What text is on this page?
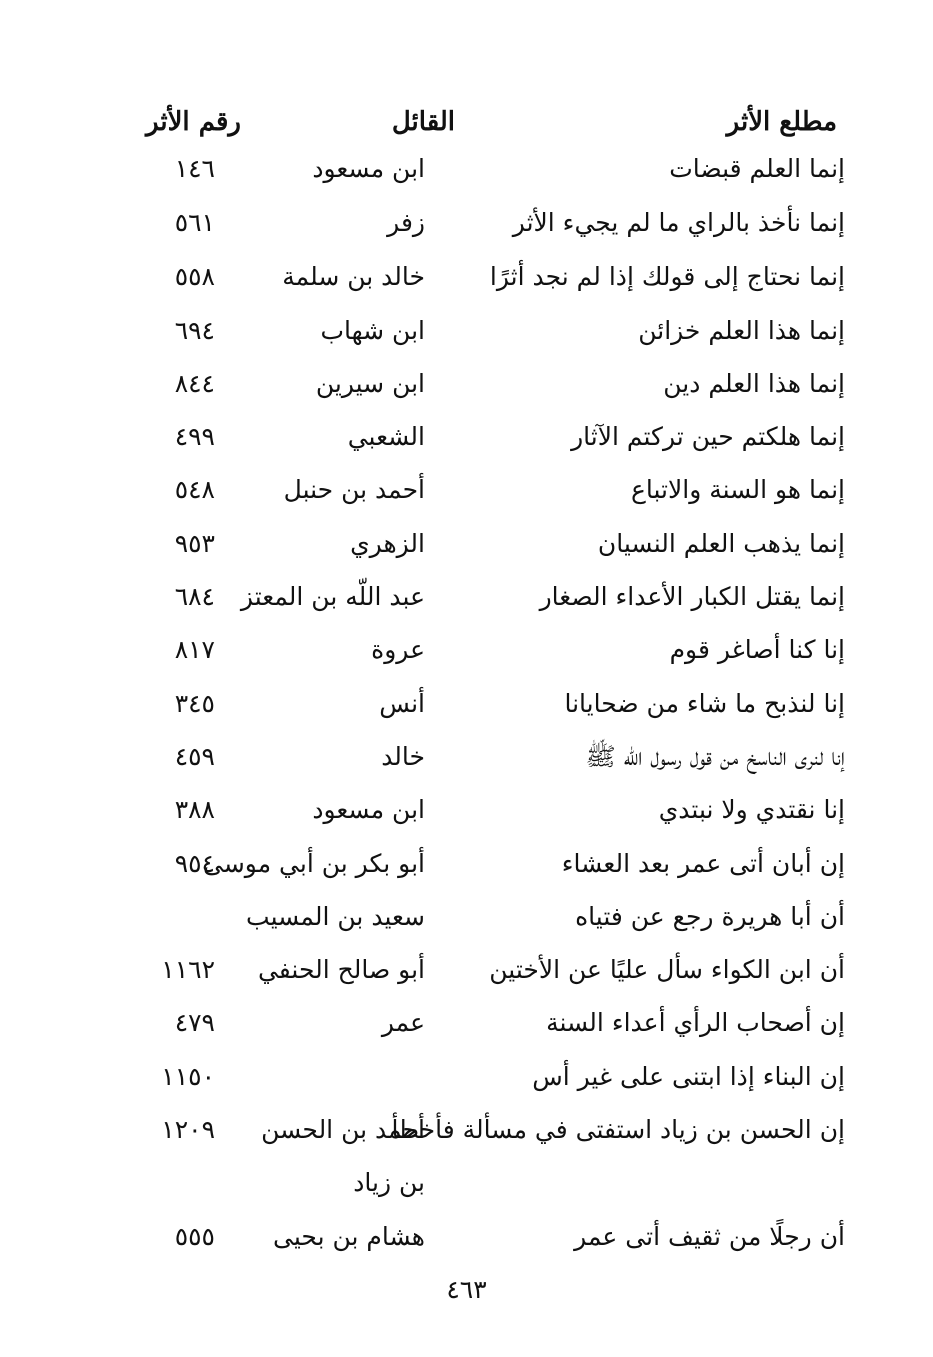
مطلع الأثر
القائل
رقم الأثر
إنما العلم قبضات
ابن مسعود
١٤٦
إنما نأخذ بالراي ما لم يجيء الأثر
زفر
٥٦١
إنما نحتاج إلى قولك إذا لم نجد أثرًا
خالد بن سلمة
٥٥٨
إنما هذا العلم خزائن
ابن شهاب
٦٩٤
إنما هذا العلم دين
ابن سيرين
٨٤٤
إنما هلكتم حين تركتم الآثار
الشعبي
٤٩٩
إنما هو السنة والاتباع
أحمد بن حنبل
٥٤٨
إنما يذهب العلم النسيان
الزهري
٩٥٣
إنما يقتل الكبار الأعداء الصغار
عبد اللّه بن المعتز
٦٨٤
إنا كنا أصاغر قوم
عروة
٨١٧
إنا لنذبح ما شاء من ضحايانا
أنس
٣٤٥
إنا لنرى الناسخ من قول رسول اللّه ﷺ
خالد
٤٥٩
إنا نقتدي ولا نبتدي
ابن مسعود
٣٨٨
إن أبان أتى عمر بعد العشاء
أبو بكر بن أبي موسى
٩٥٤
أن أبا هريرة رجع عن فتياه
سعيد بن المسيب
أن ابن الكواء سأل عليًا عن الأختين
أبو صالح الحنفي
١١٦٢
إن أصحاب الرأي أعداء السنة
عمر
٤٧٩
إن البناء إذا ابتنى على غير أس
١١٥٠
إن الحسن بن زياد استفتى في مسألة فأخطأ
أحمد بن الحسن
١٢٠٩
بن زياد
أن رجلًا من ثقيف أتى عمر
هشام بن بحيى
٥٥٥
٤٦٣
